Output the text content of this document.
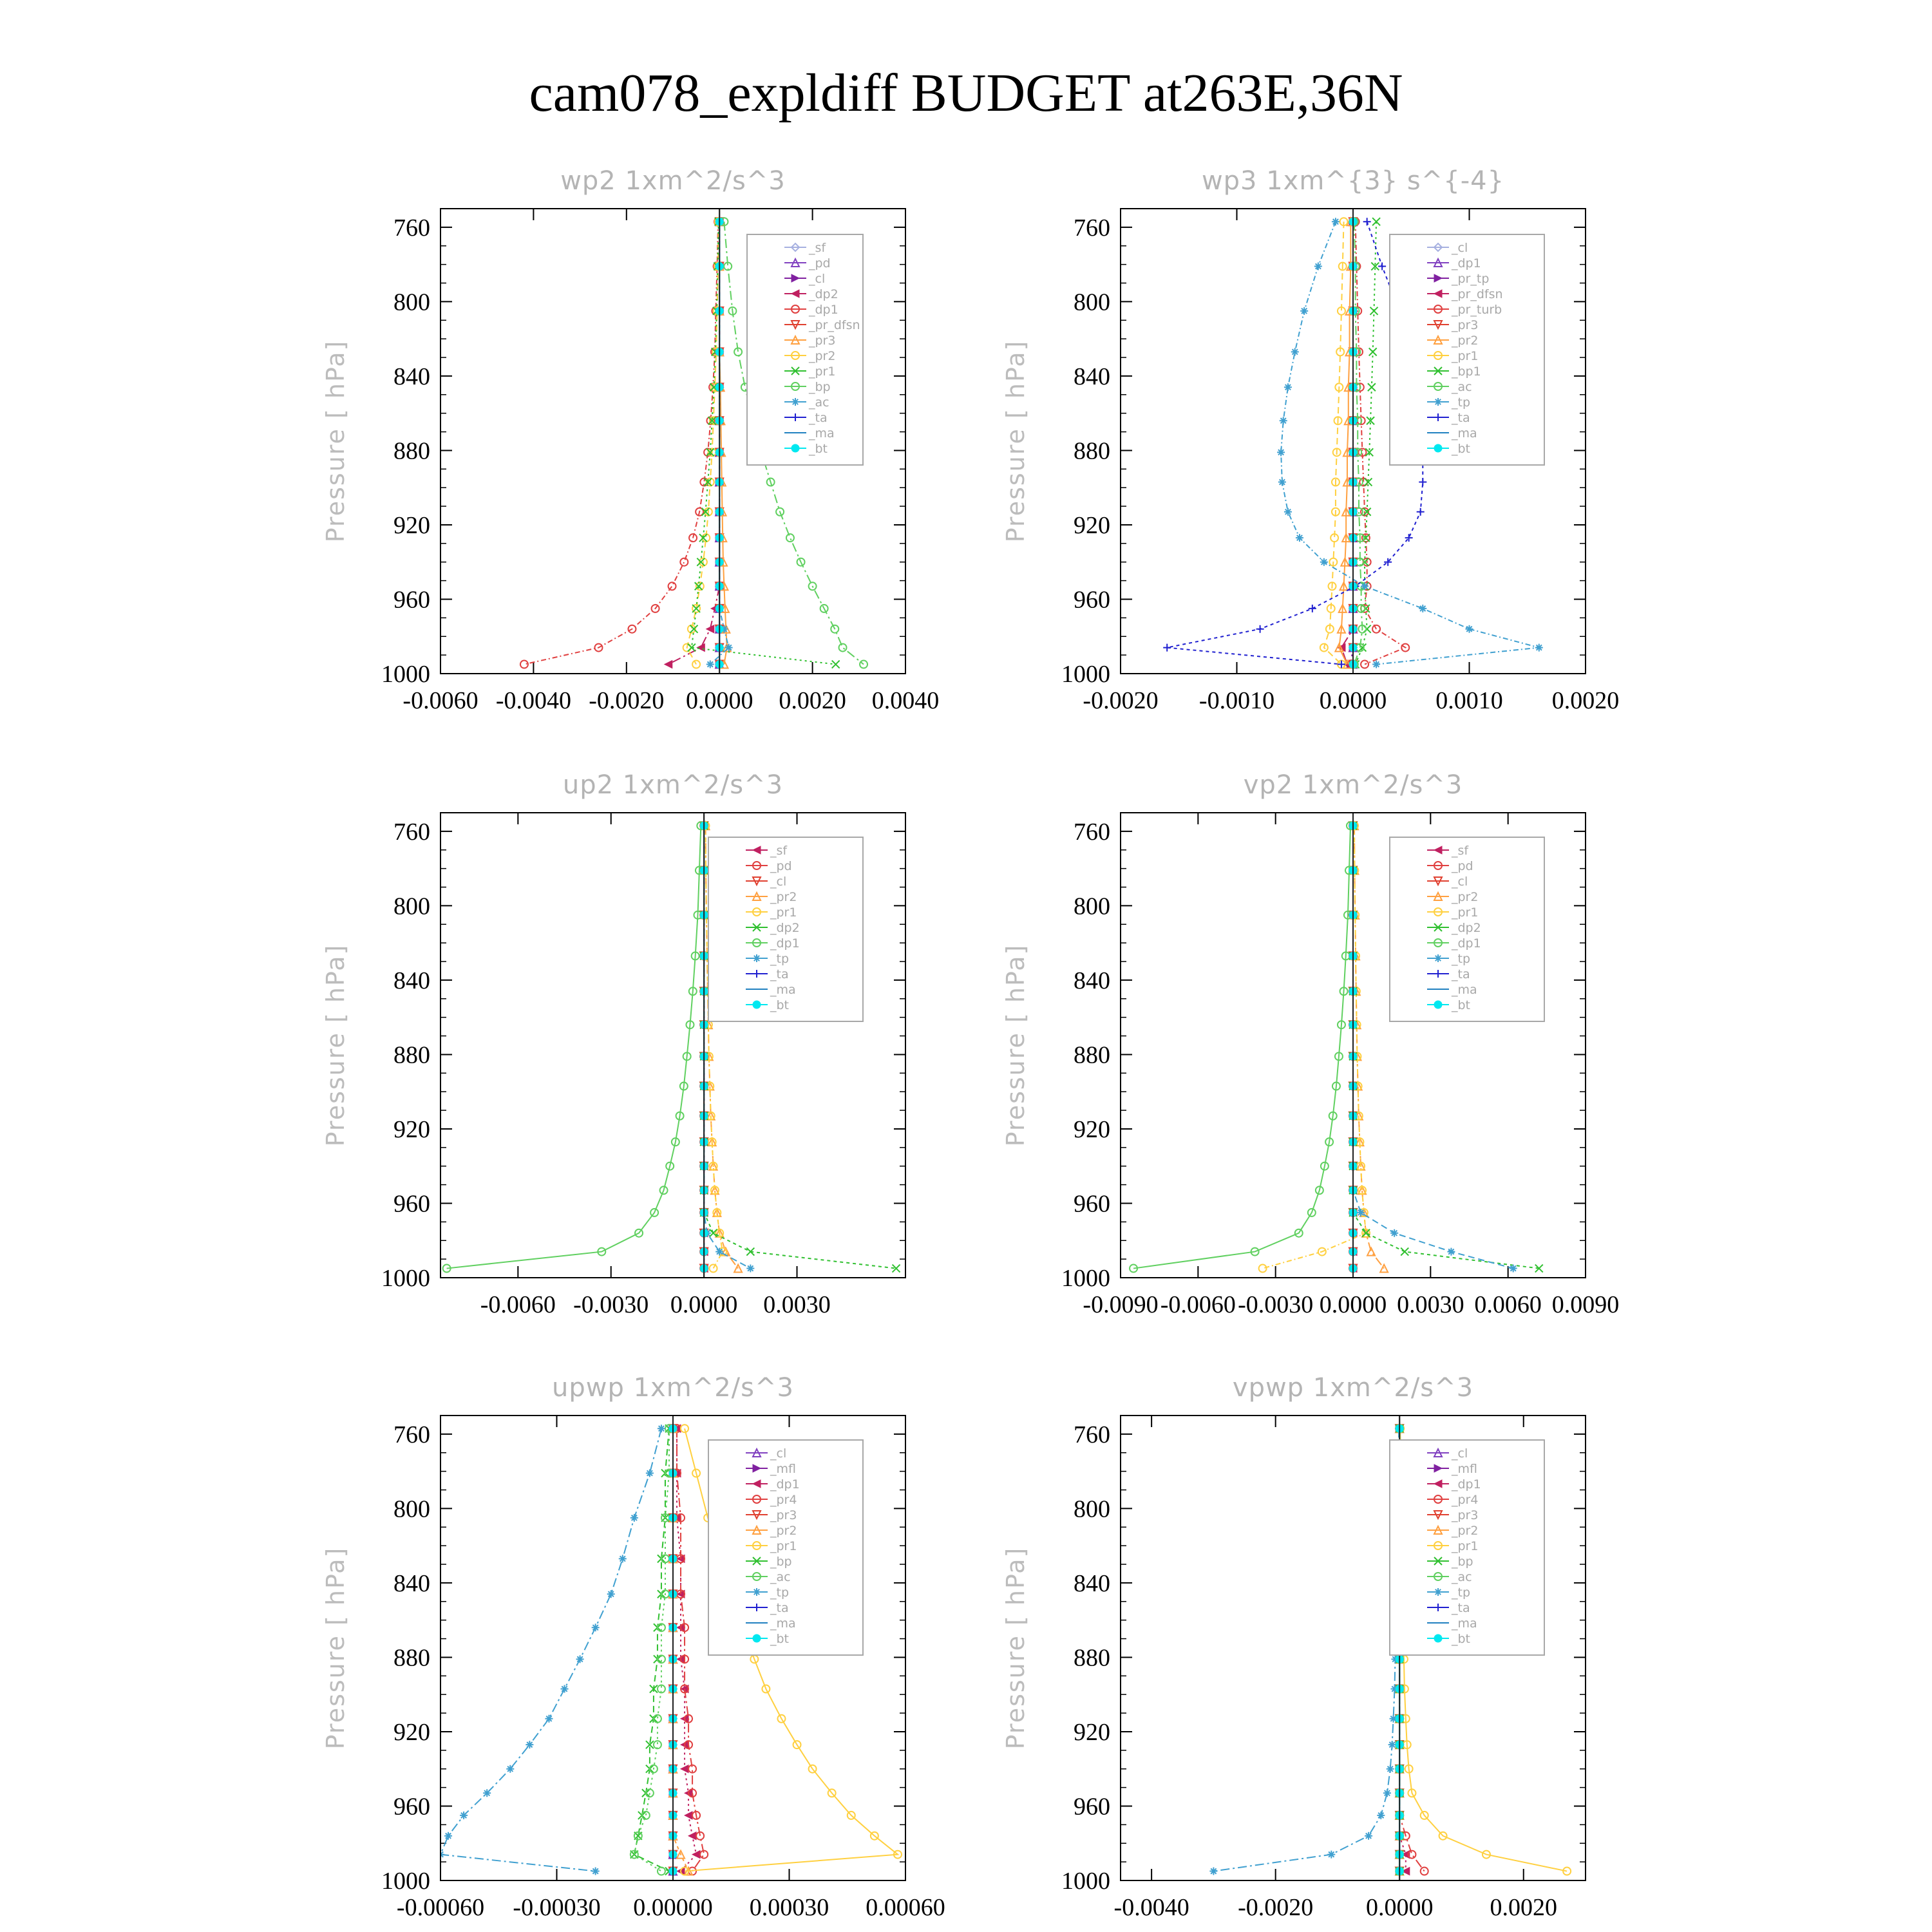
cam078_expldiff BUDGET at263E,36N
wp2 1xm^2/s^3
Pressure [ hPa]
760
800
840
880
920
960
1000
-0.0060 -0.0040 -0.0020 0.0000 0.0020 0.0040
_sf
_pd
_cl
_dp2
_dp1
_pr_dfsn
_pr3
_pr2
_pr1
_bp
_ac
_ta
_ma
_bt
wp3 1xm^{3} s^{-4}
Pressure [ hPa]
760
800
840
880
920
960
1000
-0.0020 -0.0010 0.0000 0.0010 0.0020
_cl
_dp1
_pr_tp
_pr_dfsn
_pr_turb
_pr3
_pr2
_pr1
_bp1
_ac
_tp
_ta
_ma
_bt
up2 1xm^2/s^3
Pressure [ hPa]
760
800
840
880
920
960
1000
-0.0060 -0.0030 0.0000 0.0030
_sf
_pd
_cl
_pr2
_pr1
_dp2
_dp1
_tp
_ta
_ma
_bt
vp2 1xm^2/s^3
Pressure [ hPa]
760
800
840
880
920
960
1000
-0.0090 -0.0060 -0.0030 0.0000 0.0030 0.0060 0.0090
_sf
_pd
_cl
_pr2
_pr1
_dp2
_dp1
_tp
_ta
_ma
_bt
upwp 1xm^2/s^3
Pressure [ hPa]
760
800
840
880
920
960
1000
-0.00060 -0.00030 0.00000 0.00030 0.00060
_cl
_mfl
_dp1
_pr4
_pr3
_pr2
_pr1
_bp
_ac
_tp
_ta
_ma
_bt
vpwp 1xm^2/s^3
Pressure [ hPa]
760
800
840
880
920
960
1000
-0.0040 -0.0020 0.0000 0.0020
_cl
_mfl
_dp1
_pr4
_pr3
_pr2
_pr1
_bp
_ac
_tp
_ta
_ma
_bt
